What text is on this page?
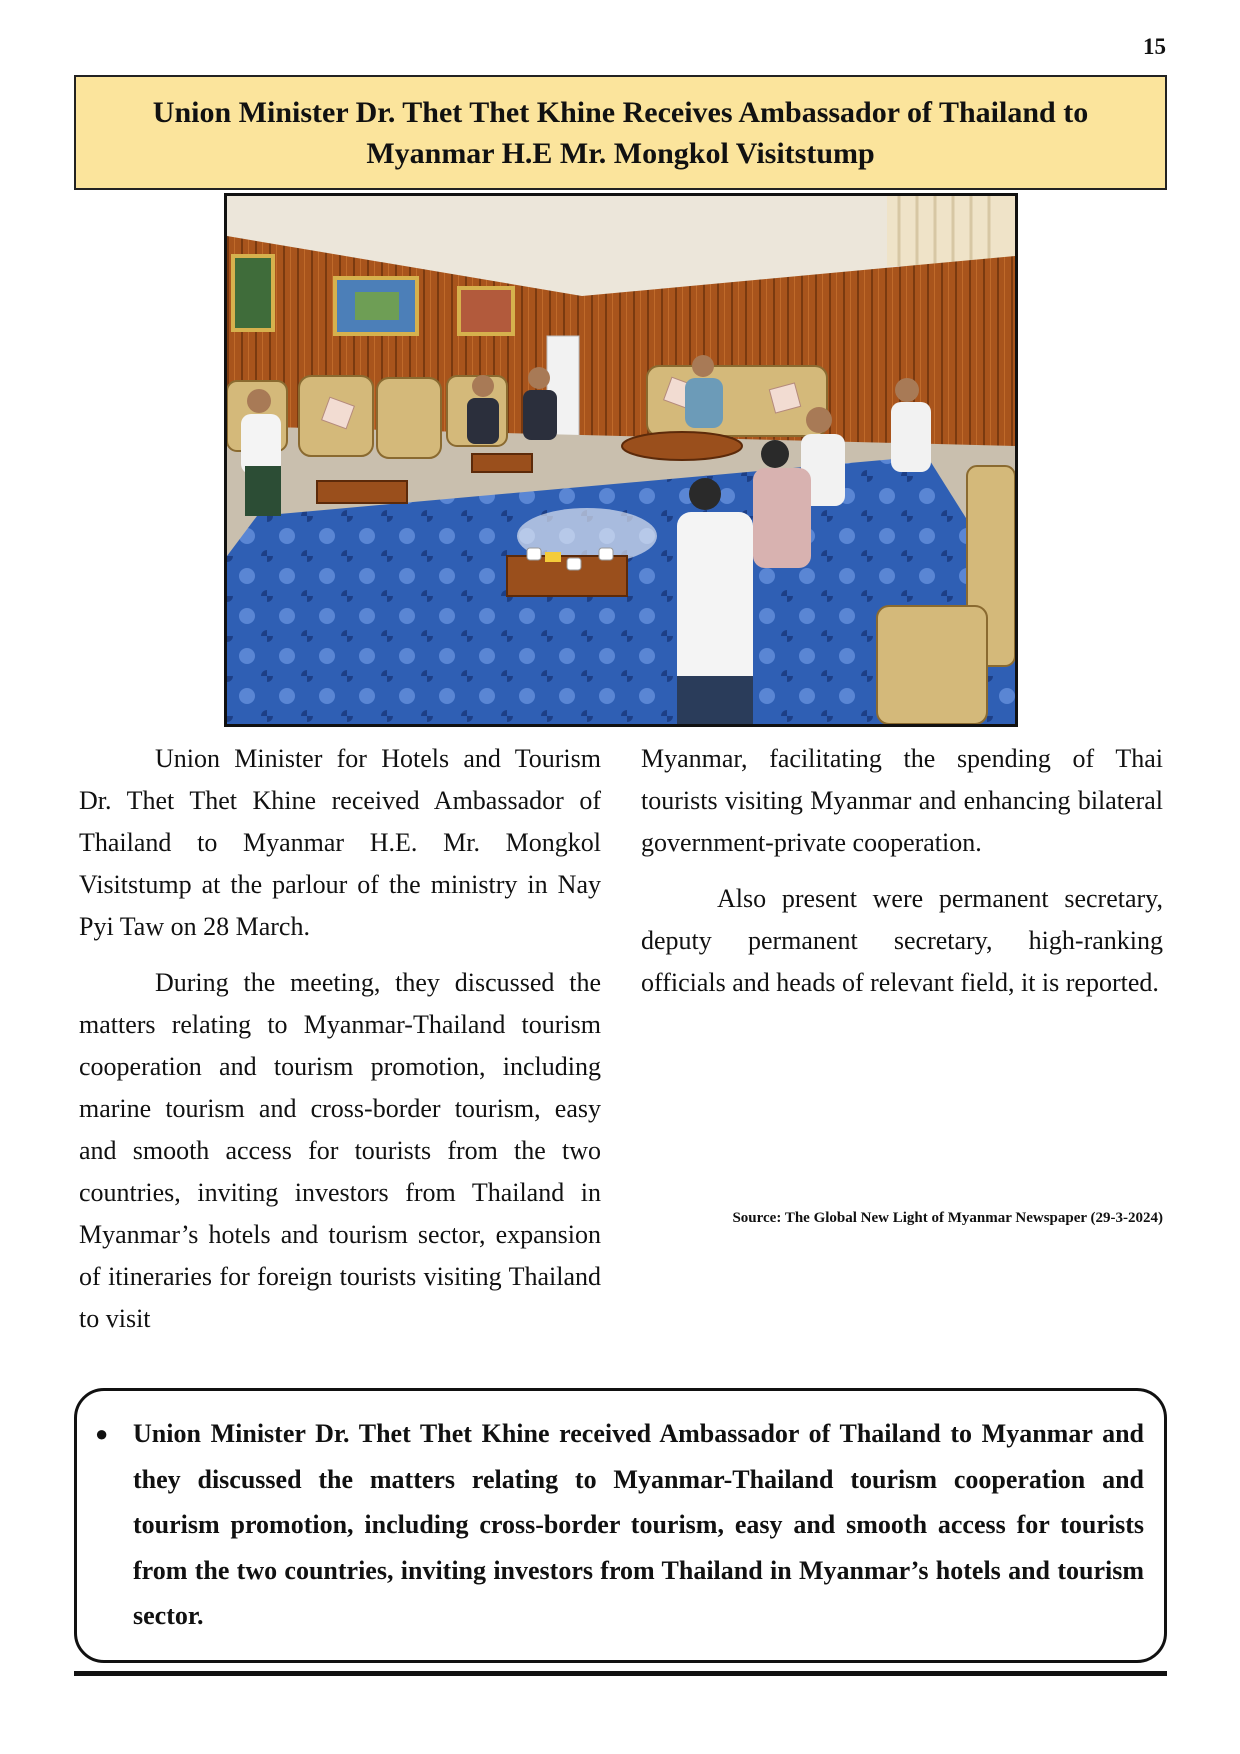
15
Union Minister Dr. Thet Thet Khine Receives Ambassador of Thailand to Myanmar H.E Mr. Mongkol Visitstump

Union Minister for Hotels and Tourism Dr. Thet Thet Khine received Ambassador of Thailand to Myanmar H.E. Mr. Mongkol Visitstump at the parlour of the ministry in Nay Pyi Taw on 28 March.

During the meeting, they discussed the matters relating to Myanmar-Thailand tourism cooperation and tourism promotion, including marine tourism and cross-border tourism, easy and smooth access for tourists from the two countries, inviting investors from Thailand in Myanmar’s hotels and tourism sector, expansion of itineraries for foreign tourists visiting Thailand to visit

Myanmar, facilitating the spending of Thai tourists visiting Myanmar and enhancing bilateral government-private cooperation.

Also present were permanent secretary, deputy permanent secretary, high-ranking officials and heads of relevant field, it is reported.

Source: The Global New Light of Myanmar Newspaper (29-3-2024)
● Union Minister Dr. Thet Thet Khine received Ambassador of Thailand to Myanmar and they discussed the matters relating to Myanmar-Thailand tourism cooperation and tourism promotion, including cross-border tourism, easy and smooth access for tourists from the two countries, inviting investors from Thailand in Myanmar’s hotels and tourism sector.
